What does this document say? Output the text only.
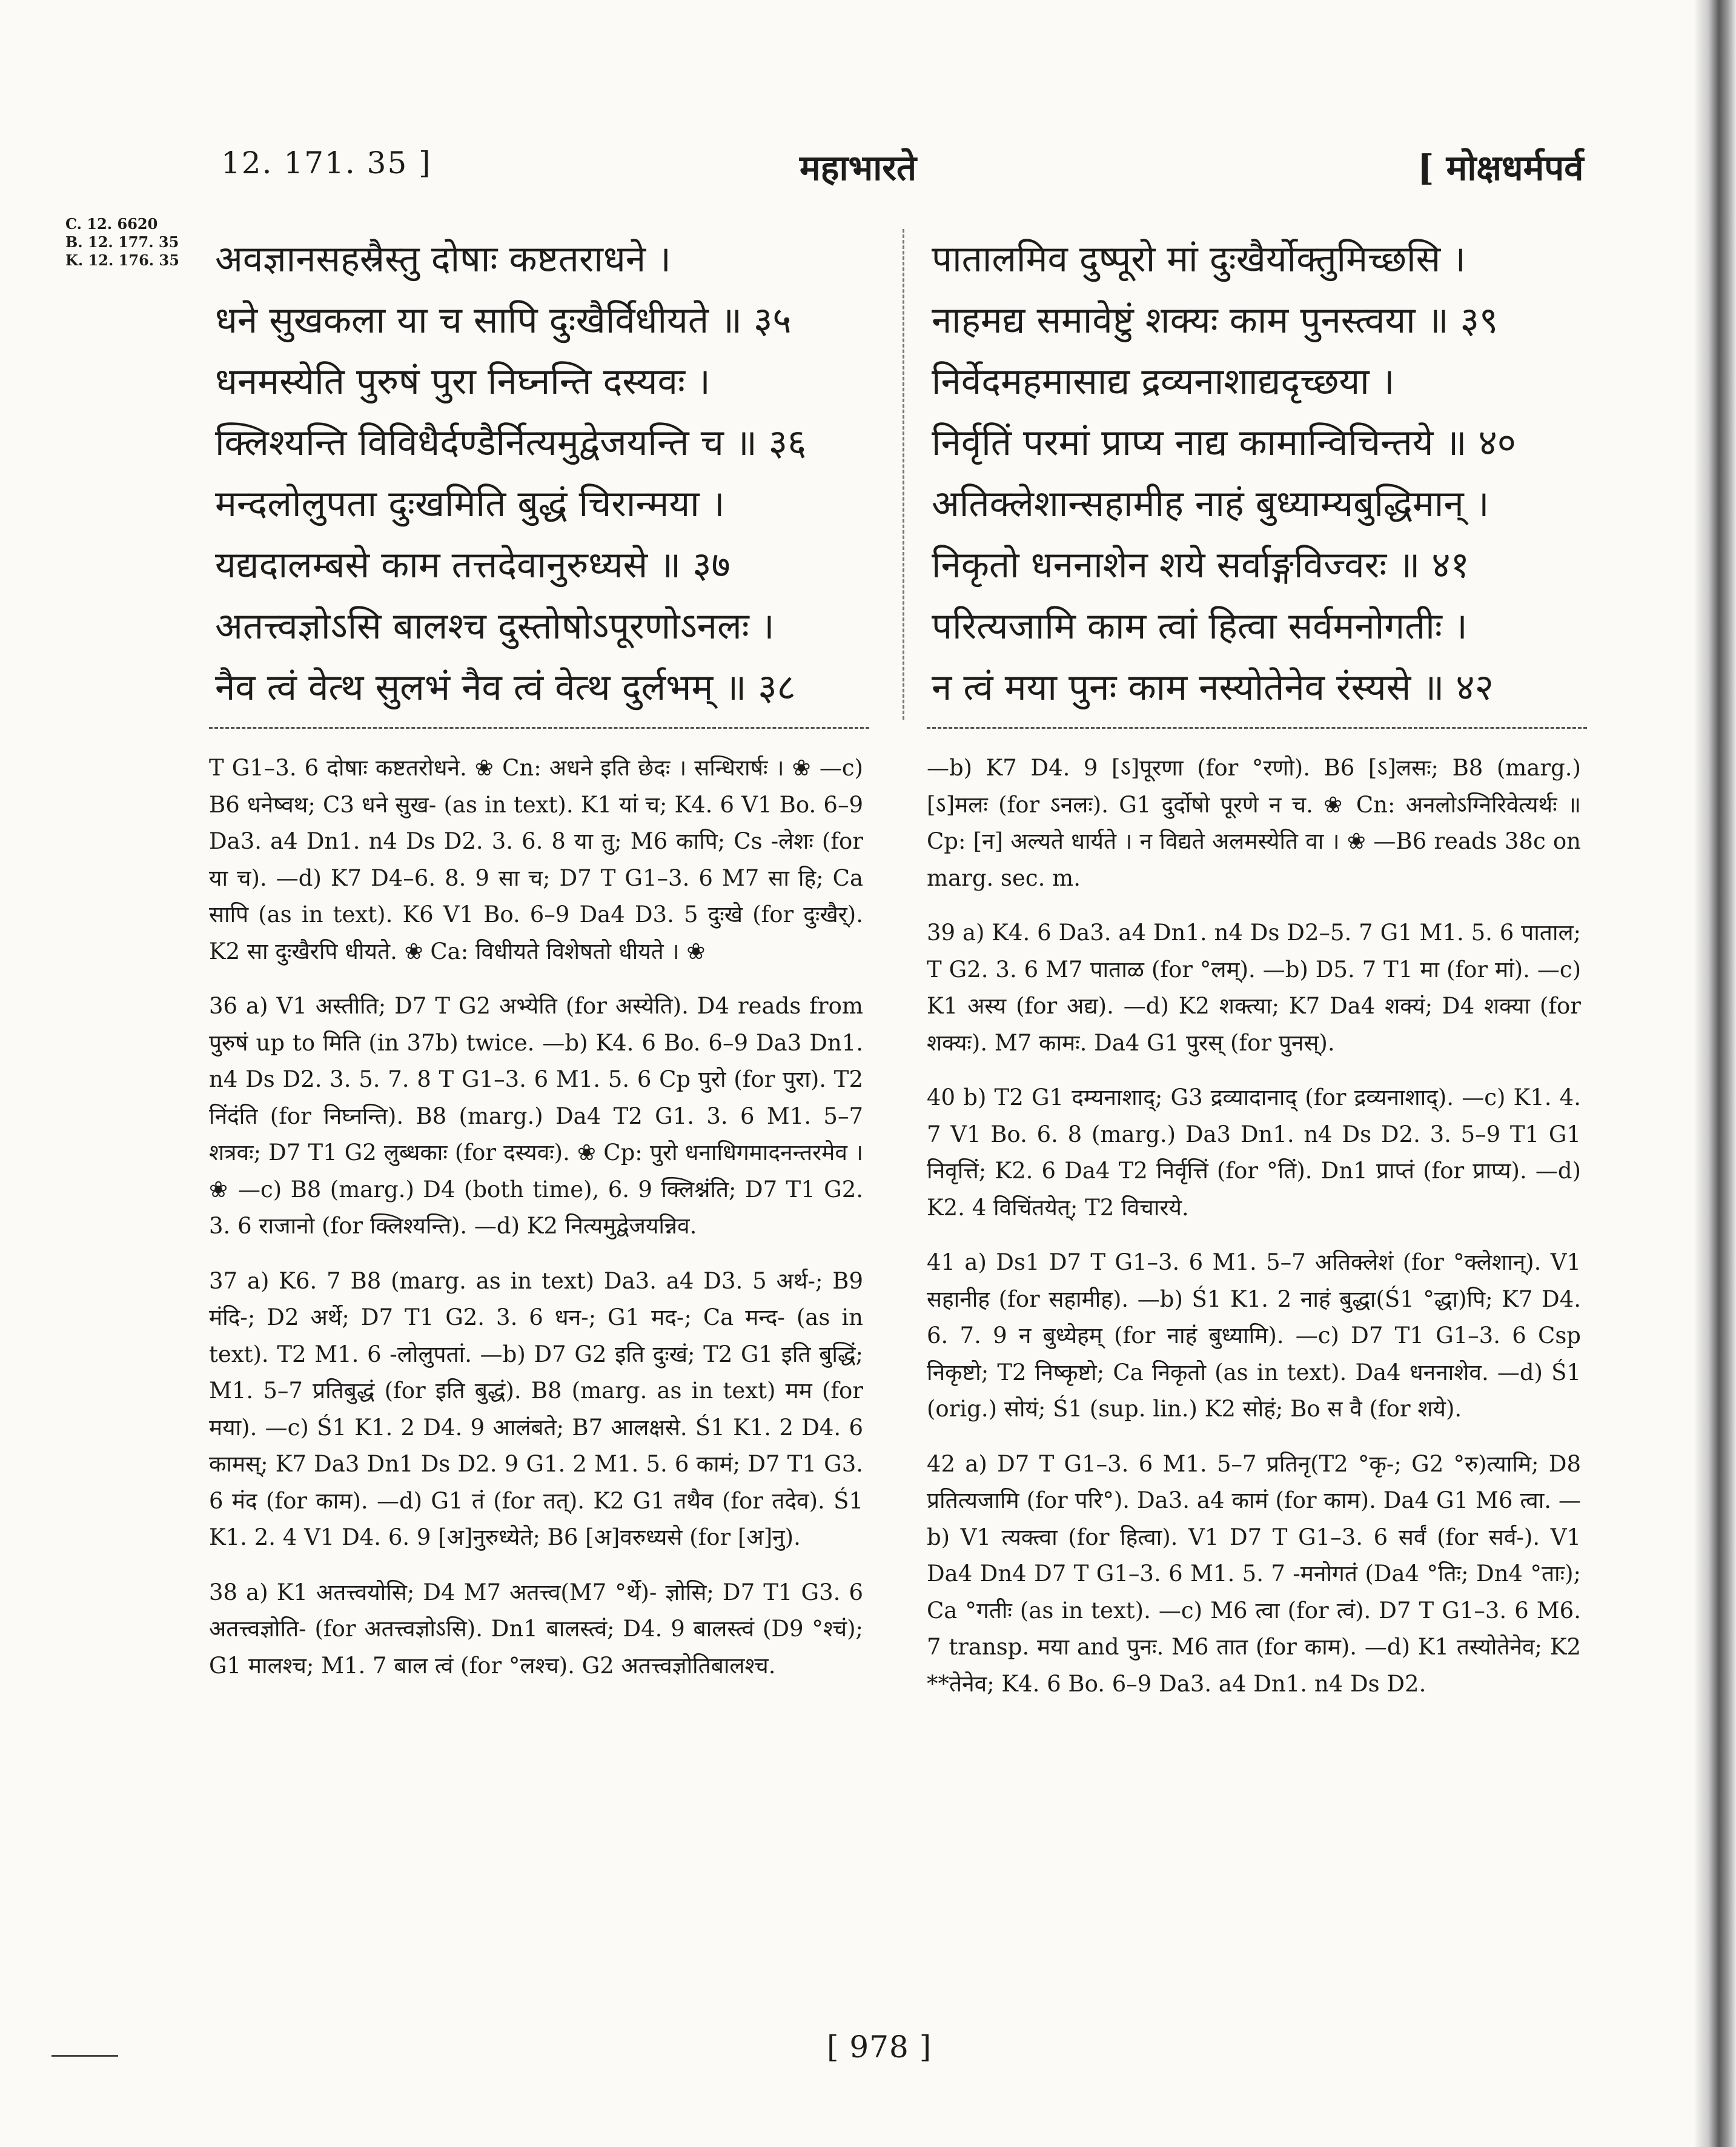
12. 171. 35 ]	महाभारते	[ मोक्षधर्मपर्व
C. 12. 6620
B. 12. 177. 35
K. 12. 176. 35 अवज्ञानसहस्रैस्तु दोषाः कष्टतराधने ।
धने सुखकला या च सापि दुःखैर्विधीयते ॥ ३५
धनमस्येति पुरुषं पुरा निघ्नन्ति दस्यवः ।
क्लिश्यन्ति विविधैर्दण्डैर्नित्यमुद्वेजयन्ति च ॥ ३६
मन्दलोलुपता दुःखमिति बुद्धं चिरान्मया ।
यद्यदालम्बसे काम तत्तदेवानुरुध्यसे ॥ ३७
अतत्त्वज्ञोऽसि बालश्च दुस्तोषोऽपूरणोऽनलः ।
नैव त्वं वेत्थ सुलभं नैव त्वं वेत्थ दुर्लभम् ॥ ३८
पातालमिव दुष्पूरो मां दुःखैर्योक्तुमिच्छसि ।
नाहमद्य समावेष्टुं शक्यः काम पुनस्त्वया ॥ ३९
निर्वेदमहमासाद्य द्रव्यनाशाद्यदृच्छया ।
निर्वृतिं परमां प्राप्य नाद्य कामान्विचिन्तये ॥ ४०
अतिक्लेशान्सहामीह नाहं बुध्याम्यबुद्धिमान् ।
निकृतो धननाशेन शये सर्वाङ्गविज्वरः ॥ ४१
परित्यजामि काम त्वां हित्वा सर्वमनोगतीः ।
न त्वं मया पुनः काम नस्योतेनेव रंस्यसे ॥ ४२

T G1–3. 6 दोषाः कष्टतरोधने. ❀ Cn: अधने इति छेदः । सन्धिरार्षः । ❀ —c) B6 धनेष्वथ; C3 धने सुख- (as in text). K1 यां च; K4. 6 V1 Bo. 6–9 Da3. a4 Dn1. n4 Ds D2. 3. 6. 8 या तु; M6 कापि; Cs -लेशः (for या च). —d) K7 D4–6. 8. 9 सा च; D7 T G1–3. 6 M7 सा हि; Ca सापि (as in text). K6 V1 Bo. 6–9 Da4 D3. 5 दुःखे (for दुःखैर्). K2 सा दुःखैरपि धीयते. ❀ Ca: विधीयते विशेषतो धीयते । ❀

36 a) V1 अस्तीति; D7 T G2 अभ्येति (for अस्येति). D4 reads from पुरुषं up to मिति (in 37b) twice. —b) K4. 6 Bo. 6–9 Da3 Dn1. n4 Ds D2. 3. 5. 7. 8 T G1–3. 6 M1. 5. 6 Cp पुरो (for पुरा). T2 निंदंति (for निघ्नन्ति). B8 (marg.) Da4 T2 G1. 3. 6 M1. 5–7 शत्रवः; D7 T1 G2 लुब्धकाः (for दस्यवः). ❀ Cp: पुरो धनाधिगमादनन्तरमेव । ❀ —c) B8 (marg.) D4 (both time), 6. 9 क्लिश्नंति; D7 T1 G2. 3. 6 राजानो (for क्लिश्यन्ति). —d) K2 नित्यमुद्वेजयन्निव.

37 a) K6. 7 B8 (marg. as in text) Da3. a4 D3. 5 अर्थ-; B9 मंदि-; D2 अर्थे; D7 T1 G2. 3. 6 धन-; G1 मद-; Ca मन्द- (as in text). T2 M1. 6 -लोलुपतां. —b) D7 G2 इति दुःखं; T2 G1 इति बुद्धिं; M1. 5–7 प्रतिबुद्धं (for इति बुद्धं). B8 (marg. as in text) मम (for मया). —c) Ś1 K1. 2 D4. 9 आलंबते; B7 आलक्षसे. Ś1 K1. 2 D4. 6 कामस्; K7 Da3 Dn1 Ds D2. 9 G1. 2 M1. 5. 6 कामं; D7 T1 G3. 6 मंद (for काम). —d) G1 तं (for तत्). K2 G1 तथैव (for तदेव). Ś1 K1. 2. 4 V1 D4. 6. 9 [अ]नुरुध्येते; B6 [अ]वरुध्यसे (for [अ]नु).

38 a) K1 अतत्त्वयोसि; D4 M7 अतत्त्व(M7 °र्थे)- ज्ञोसि; D7 T1 G3. 6 अतत्त्वज्ञोति- (for अतत्त्वज्ञोऽसि). Dn1 बालस्त्वं; D4. 9 बालस्त्वं (D9 °श्चं); G1 मालश्च; M1. 7 बाल त्वं (for °लश्च). G2 अतत्त्वज्ञोतिबालश्च.

—b) K7 D4. 9 [ऽ]पूरणा (for °रणो). B6 [ऽ]लसः; B8 (marg.) [ऽ]मलः (for ऽनलः). G1 दुर्दोषो पूरणे न च. ❀ Cn: अनलोऽग्निरिवेत्यर्थः ॥ Cp: [न] अल्यते धार्यते । न विद्यते अलमस्येति वा । ❀ —B6 reads 38c on marg. sec. m.

39 a) K4. 6 Da3. a4 Dn1. n4 Ds D2–5. 7 G1 M1. 5. 6 पाताल; T G2. 3. 6 M7 पाताळ (for °लम्). —b) D5. 7 T1 मा (for मां). —c) K1 अस्य (for अद्य). —d) K2 शक्त्या; K7 Da4 शक्यं; D4 शक्या (for शक्यः). M7 कामः. Da4 G1 पुरस् (for पुनस्).

40 b) T2 G1 दम्यनाशाद्; G3 द्रव्यादानाद् (for द्रव्यनाशाद्). —c) K1. 4. 7 V1 Bo. 6. 8 (marg.) Da3 Dn1. n4 Ds D2. 3. 5–9 T1 G1 निवृत्तिं; K2. 6 Da4 T2 निर्वृत्तिं (for °तिं). Dn1 प्राप्तं (for प्राप्य). —d) K2. 4 विचिंतयेत्; T2 विचारये.

41 a) Ds1 D7 T G1–3. 6 M1. 5–7 अतिक्लेशं (for °क्लेशान्). V1 सहानीह (for सहामीह). —b) Ś1 K1. 2 नाहं बुद्धा(Ś1 °द्धा)पि; K7 D4. 6. 7. 9 न बुध्येहम् (for नाहं बुध्यामि). —c) D7 T1 G1–3. 6 Csp निकृष्टो; T2 निष्कृष्टो; Ca निकृतो (as in text). Da4 धननाशेव. —d) Ś1 (orig.) सोयं; Ś1 (sup. lin.) K2 सोहं; Bo स वै (for शये).

42 a) D7 T G1–3. 6 M1. 5–7 प्रतिनृ(T2 °कृ-; G2 °रु)त्यामि; D8 प्रतित्यजामि (for परि°). Da3. a4 कामं (for काम). Da4 G1 M6 त्वा. —b) V1 त्यक्त्वा (for हित्वा). V1 D7 T G1–3. 6 सर्वं (for सर्व-). V1 Da4 Dn4 D7 T G1–3. 6 M1. 5. 7 -मनोगतं (Da4 °तिः; Dn4 °ताः); Ca °गतीः (as in text). —c) M6 त्वा (for त्वं). D7 T G1–3. 6 M6. 7 transp. मया and पुनः. M6 तात (for काम). —d) K1 तस्योतेनेव; K2 **तेनेव; K4. 6 Bo. 6–9 Da3. a4 Dn1. n4 Ds D2.

[ 978 ]
